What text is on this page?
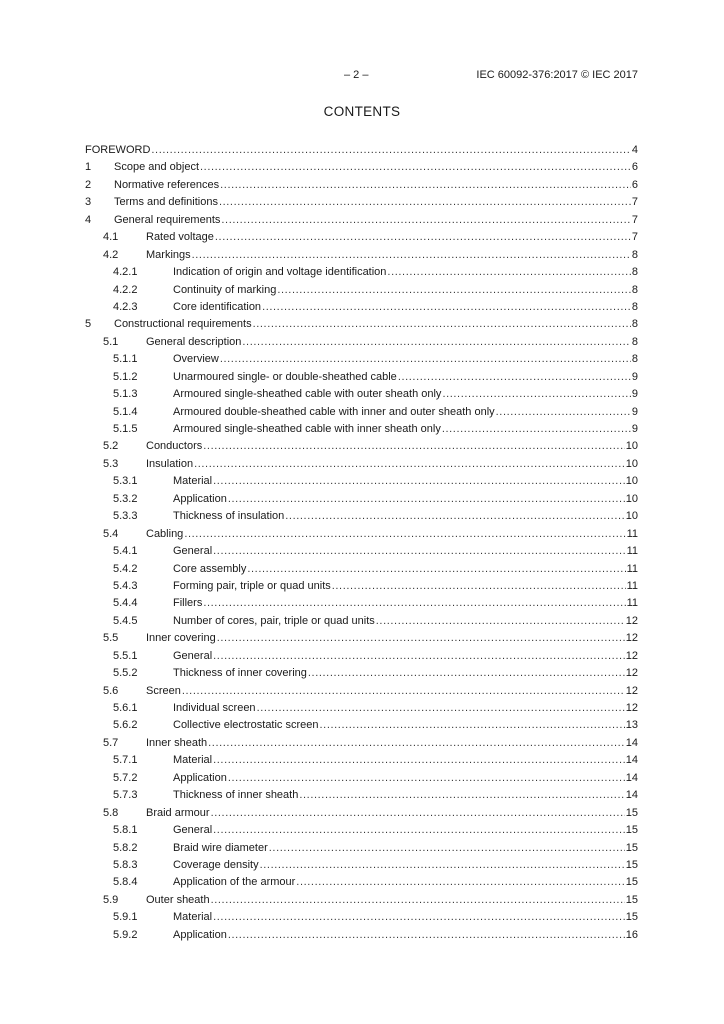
– 2 –	IEC 60092-376:2017 © IEC 2017
CONTENTS
FOREWORD .....	4
1	Scope and object .....	6
2	Normative references .....	6
3	Terms and definitions .....	7
4	General requirements .....	7
4.1	Rated voltage .....	7
4.2	Markings .....	8
4.2.1	Indication of origin and voltage identification .....	8
4.2.2	Continuity of marking .....	8
4.2.3	Core identification .....	8
5	Constructional requirements .....	8
5.1	General description .....	8
5.1.1	Overview .....	8
5.1.2	Unarmoured single- or double-sheathed cable .....	9
5.1.3	Armoured single-sheathed cable with outer sheath only .....	9
5.1.4	Armoured double-sheathed cable with inner and outer sheath only .....	9
5.1.5	Armoured single-sheathed cable with inner sheath only .....	9
5.2	Conductors .....	10
5.3	Insulation .....	10
5.3.1	Material .....	10
5.3.2	Application .....	10
5.3.3	Thickness of insulation .....	10
5.4	Cabling .....	11
5.4.1	General .....	11
5.4.2	Core assembly .....	11
5.4.3	Forming pair, triple or quad units .....	11
5.4.4	Fillers .....	11
5.4.5	Number of cores, pair, triple or quad units .....	12
5.5	Inner covering .....	12
5.5.1	General .....	12
5.5.2	Thickness of inner covering .....	12
5.6	Screen .....	12
5.6.1	Individual screen .....	12
5.6.2	Collective electrostatic screen .....	13
5.7	Inner sheath .....	14
5.7.1	Material .....	14
5.7.2	Application .....	14
5.7.3	Thickness of inner sheath .....	14
5.8	Braid armour .....	15
5.8.1	General .....	15
5.8.2	Braid wire diameter .....	15
5.8.3	Coverage density .....	15
5.8.4	Application of the armour .....	15
5.9	Outer sheath .....	15
5.9.1	Material .....	15
5.9.2	Application .....	16
